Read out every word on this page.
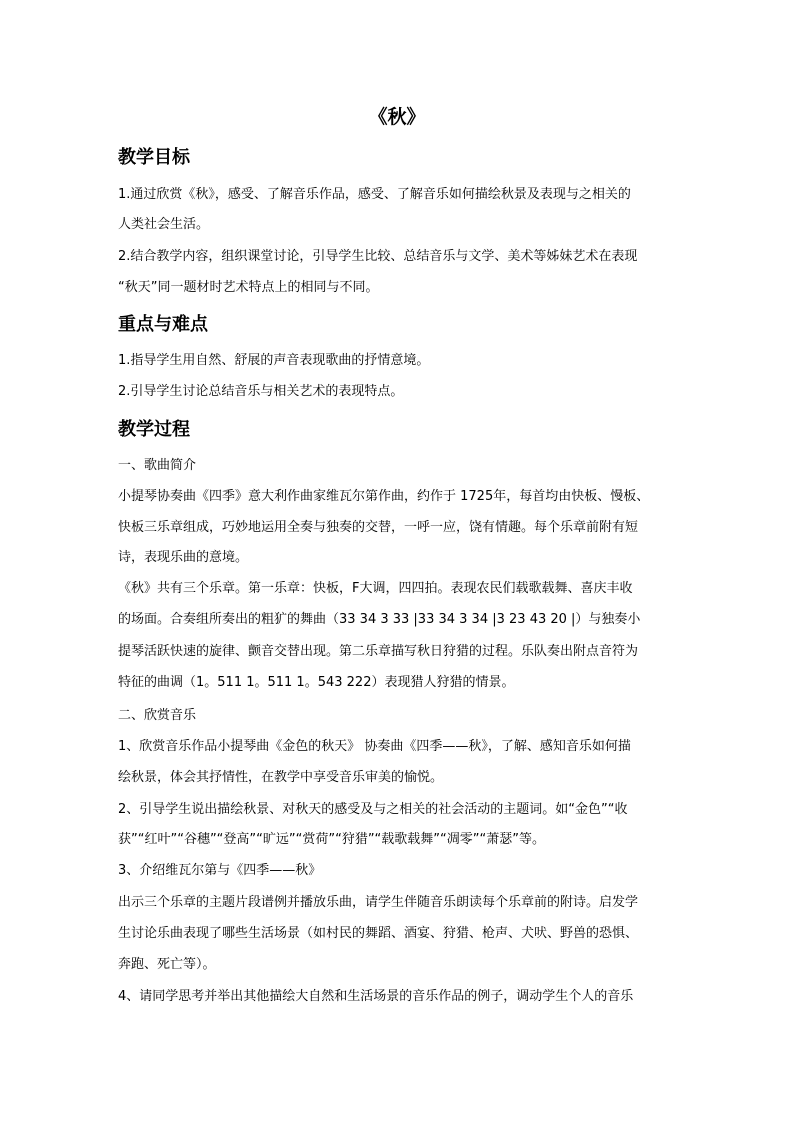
《秋》
教学目标
1.通过欣赏《秋》，感受、了解音乐作品，感受、了解音乐如何描绘秋景及表现与之相关的
人类社会生活。
2.结合教学内容，组织课堂讨论，引导学生比较、总结音乐与文学、美术等姊妹艺术在表现
“秋天”同一题材时艺术特点上的相同与不同。
重点与难点
1.指导学生用自然、舒展的声音表现歌曲的抒情意境。
2.引导学生讨论总结音乐与相关艺术的表现特点。
教学过程
一、歌曲简介
小提琴协奏曲《四季》意大利作曲家维瓦尔第作曲，约作于 1725年，每首均由快板、慢板、
快板三乐章组成，巧妙地运用全奏与独奏的交替，一呼一应，饶有情趣。每个乐章前附有短
诗，表现乐曲的意境。
《秋》共有三个乐章。第一乐章：快板，F大调，四四拍。表现农民们载歌载舞、喜庆丰收
的场面。合奏组所奏出的粗犷的舞曲（33 34 3 33 |33 34 3 34 |3 23 43 20 |）与独奏小
提琴活跃快速的旋律、颤音交替出现。第二乐章描写秋日狩猎的过程。乐队奏出附点音符为
特征的曲调（1。511 1。511 1。543 222）表现猎人狩猎的情景。
二、欣赏音乐
1、欣赏音乐作品小提琴曲《金色的秋天》 协奏曲《四季——秋》，了解、感知音乐如何描
绘秋景，体会其抒情性，在教学中享受音乐审美的愉悦。
2、引导学生说出描绘秋景、对秋天的感受及与之相关的社会活动的主题词。如“金色”“收
获”“红叶”“谷穗”“登高”“旷远”“赏荷”“狩猎”“载歌载舞”“凋零”“萧瑟”等。
3、介绍维瓦尔第与《四季——秋》
出示三个乐章的主题片段谱例并播放乐曲，请学生伴随音乐朗读每个乐章前的附诗。启发学
生讨论乐曲表现了哪些生活场景（如村民的舞蹈、酒宴、狩猎、枪声、犬吠、野兽的恐惧、
奔跑、死亡等）。
4、请同学思考并举出其他描绘大自然和生活场景的音乐作品的例子，调动学生个人的音乐
